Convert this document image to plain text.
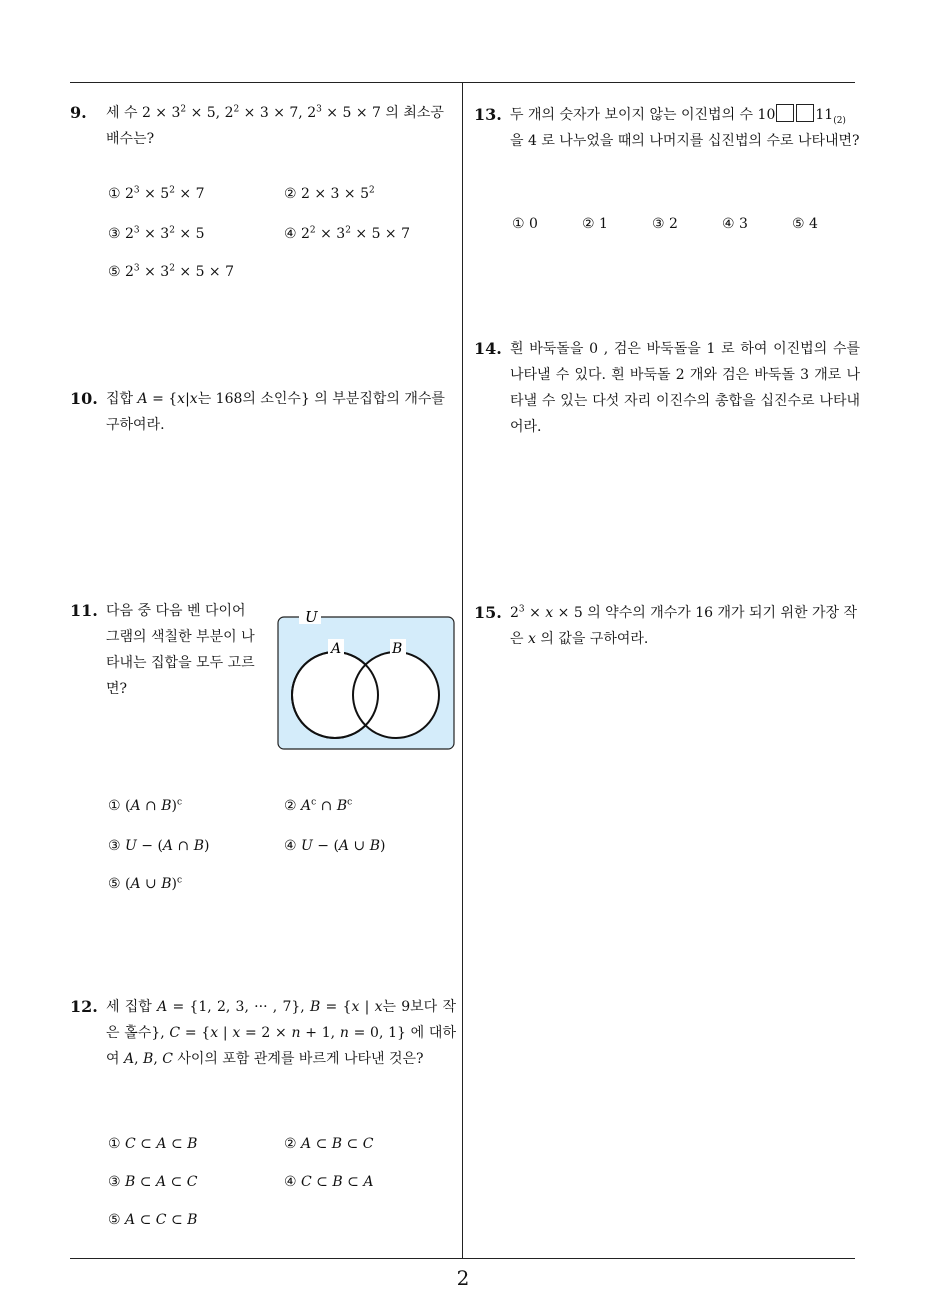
2
9. 세 수 $2 \times 3^2 \times 5$, $2^2 \times 3 \times 7$, $2^3 \times 5 \times 7$ 의 최소공배수는?
① $2^3 \times 5^2 \times 7$	② $2 \times 3 \times 5^2$
③ $2^3 \times 3^2 \times 5$	④ $2^2 \times 3^2 \times 5 \times 7$
⑤ $2^3 \times 3^2 \times 5 \times 7$
10. 집합 A = {x|x는 168의 소인수} 의 부분집합의 개수를 구하여라.
11. 다음 중 다음 벤 다이어그램의 색칠한 부분이 나타내는 집합을 모두 고르면?
U
A	B
① (A ∩ B)$^c$	② $A^c$ ∩ $B^c$
③ U − (A ∩ B)	④ U − (A ∪ B)
⑤ (A ∪ B)$^c$
12. 세 집합 A = {1, 2, 3, ··· , 7}, B = {x | x는 9보다 작은 홀수}, C = {x | x = 2 × n + 1, n = 0, 1} 에 대하여 A, B, C 사이의 포함 관계를 바르게 나타낸 것은?
① C ⊂ A ⊂ B	② A ⊂ B ⊂ C
③ B ⊂ A ⊂ C	④ C ⊂ B ⊂ A
⑤ A ⊂ C ⊂ B
13. 두 개의 숫자가 보이지 않는 이진법의 수 10	$11_{(2)}$ 을 4 로 나누었을 때의 나머지를 십진법의 수로 나타내면?
① 0	② 1	③ 2	④ 3	⑤ 4
14. 흰 바둑돌을 0 , 검은 바둑돌을 1 로 하여 이진법의 수를 나타낼 수 있다. 흰 바둑돌 2 개와 검은 바둑돌 3 개로 나타낼 수 있는 다섯 자리 이진수의 총합을 십진수로 나타내어라.
15. $2^3 \times x \times 5$ 의 약수의 개수가 16 개가 되기 위한 가장 작은 x 의 값을 구하여라.
